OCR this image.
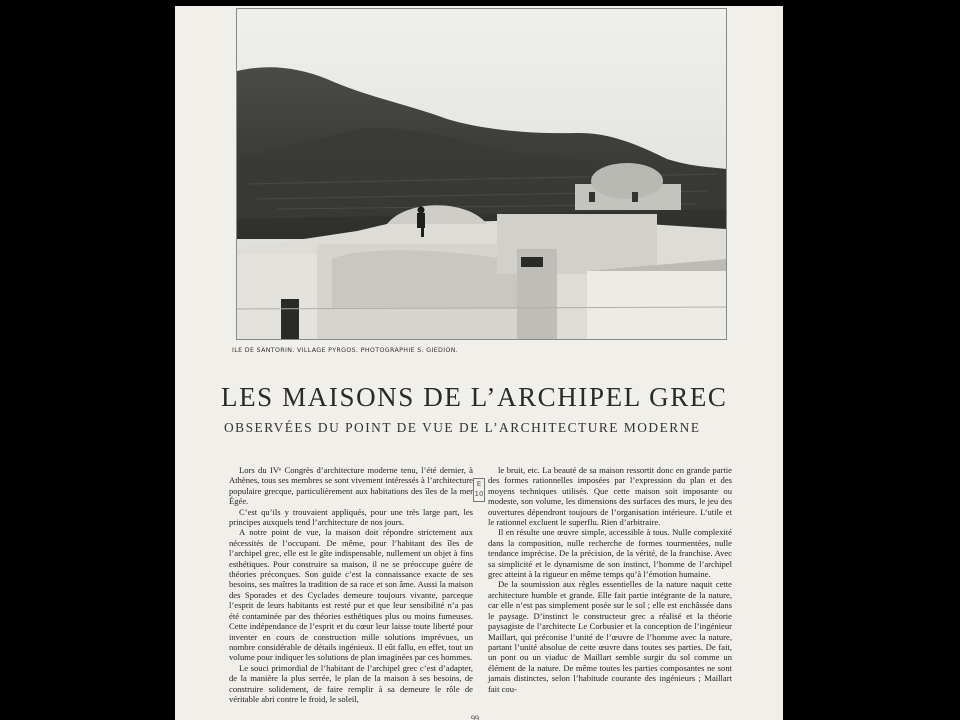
ILE DE SANTORIN. VILLAGE PYRGOS. PHOTOGRAPHIE S. GIEDION.
LES MAISONS DE L’ARCHIPEL GREC
OBSERVÉES DU POINT DE VUE DE L’ARCHITECTURE MODERNE

Lors du IVᵉ Congrès d’architecture moderne tenu, l’été dernier, à Athènes, tous ses membres se sont vivement intéressés à l’architecture populaire grecque, particulièrement aux habitations des îles de la mer Égée.

C’est qu’ils y trouvaient appliqués, pour une très large part, les principes auxquels tend l’architecture de nos jours.

A notre point de vue, la maison doit répondre strictement aux nécessités de l’occupant. De même, pour l’habitant des îles de l’archipel grec, elle est le gîte indispensable, nullement un objet à fins esthétiques. Pour construire sa maison, il ne se préoccupe guère de théories préconçues. Son guide c’est la connaissance exacte de ses besoins, ses maîtres la tradition de sa race et son âme. Aussi la maison des Sporades et des Cyclades demeure toujours vivante, parceque l’esprit de leurs habitants est resté pur et que leur sensibilité n’a pas été contaminée par des théories esthétiques plus ou moins fumeuses. Cette indépendance de l’esprit et du cœur leur laisse toute liberté pour inventer en cours de construction mille solutions imprévues, un nombre considérable de détails ingénieux. Il eût fallu, en effet, tout un volume pour indiquer les solutions de plan imaginées par ces hommes.

Le souci primordial de l’habitant de l’archipel grec c’est d’adapter, de la manière la plus serrée, le plan de la maison à ses besoins, de construire solidement, de faire remplir à sa demeure le rôle de véritable abri contre le froid, le soleil,

E
10

le bruit, etc. La beauté de sa maison ressortit donc en grande partie des formes rationnelles imposées par l’expression du plan et des moyens techniques utilisés. Que cette maison soit imposante ou modeste, son volume, les dimensions des surfaces des murs, le jeu des ouvertures dépendront toujours de l’organisation intérieure. L’utile et le rationnel excluent le superflu. Rien d’arbitraire.

Il en résulte une œuvre simple, accessible à tous. Nulle complexité dans la composition, nulle recherche de formes tourmentées, nulle tendance imprécise. De la précision, de la vérité, de la franchise. Avec sa simplicité et le dynamisme de son instinct, l’homme de l’archipel grec atteint à la rigueur en même temps qu’à l’émotion humaine.

De la soumission aux règles essentielles de la nature naquit cette architecture humble et grande. Elle fait partie intégrante de la nature, car elle n’est pas simplement posée sur le sol ; elle est enchâssée dans le paysage. D’instinct le constructeur grec a réalisé et la théorie paysagiste de l’architecte Le Corbusier et la conception de l’ingénieur Maillart, qui préconise l’unité de l’œuvre de l’homme avec la nature, partant l’unité absolue de cette œuvre dans toutes ses parties. De fait, un pont ou un viaduc de Maillart semble surgir du sol comme un élément de la nature. De même toutes les parties composantes ne sont jamais distinctes, selon l’habitude courante des ingénieurs ; Maillart fait cou-

99
